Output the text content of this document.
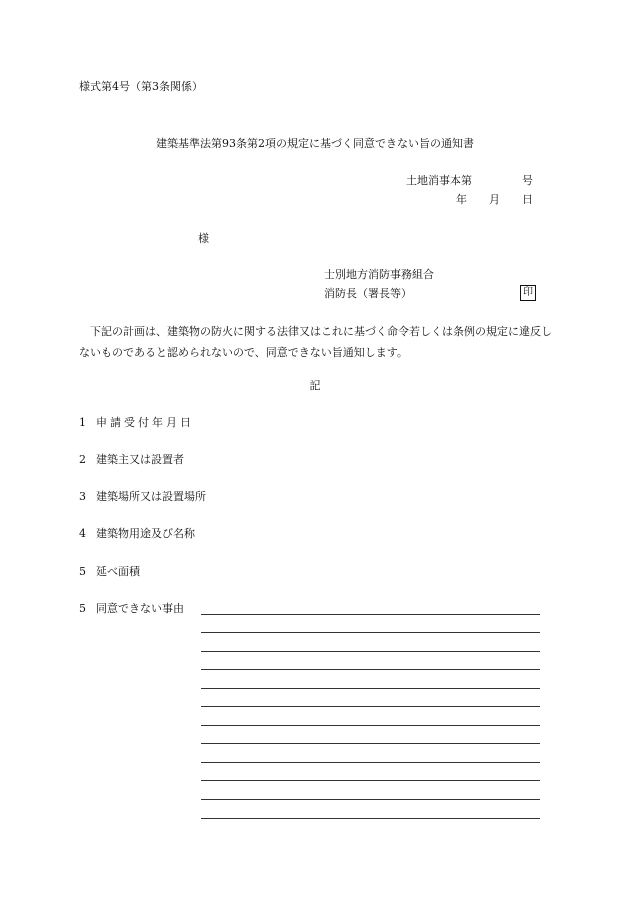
様式第4号（第3条関係）
建築基準法第93条第2項の規定に基づく同意できない旨の通知書
土地消事本第	号
年 月 日
様
士別地方消防事務組合
消防長（署長等）	印
下記の計画は、建築物の防火に関する法律又はこれに基づく命令若しくは条例の規定に違反しないものであると認められないので、同意できない旨通知します。
記
1 申請受付年月日
2 建築主又は設置者
3 建築場所又は設置場所
4 建築物用途及び名称
5 延べ面積
5 同意できない事由
